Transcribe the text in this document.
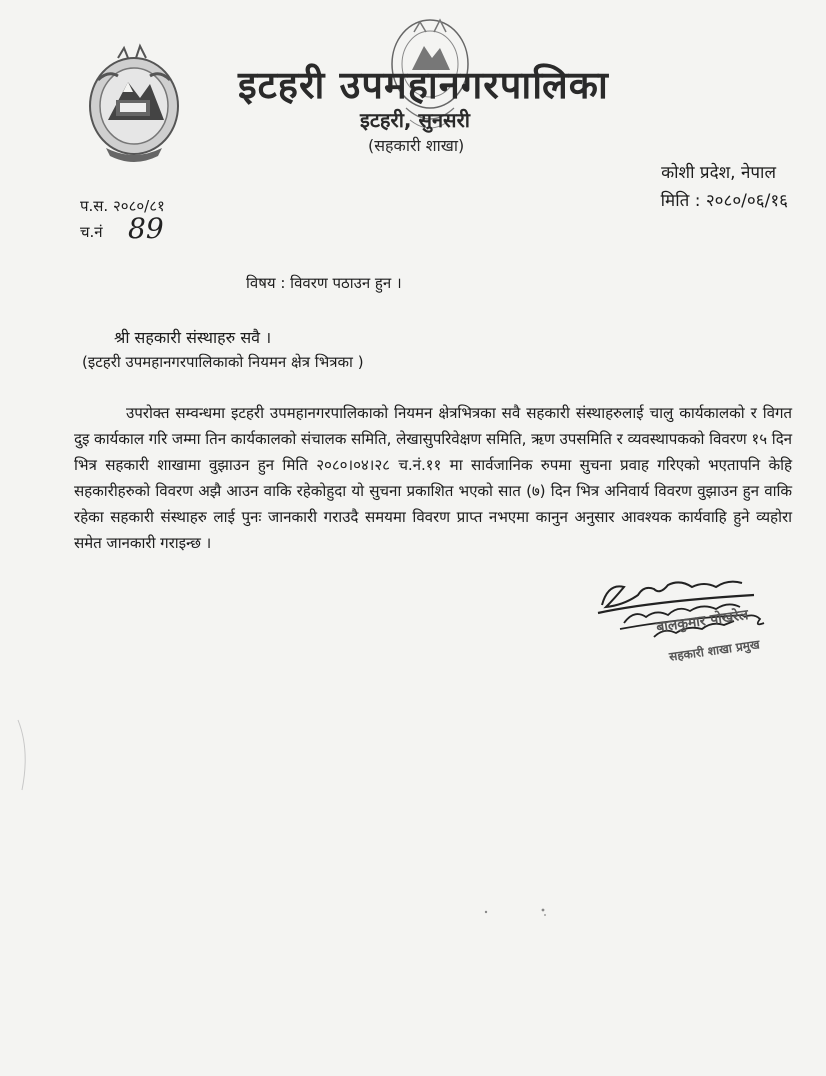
इटहरी उपमहानगरपालिका
इटहरी, सुनसरी
(सहकारी शाखा)
कोशी प्रदेश, नेपाल
मिति : २०८०/०६/१६
प.स. २०८०/८१
च.नं 89
विषय : विवरण पठाउन हुन ।
श्री सहकारी संस्थाहरु सवै ।
(इटहरी उपमहानगरपालिकाको नियमन क्षेत्र भित्रका )
उपरोक्त सम्वन्धमा इटहरी उपमहानगरपालिकाको नियमन क्षेत्रभित्रका सवै सहकारी संस्थाहरुलाई चालु कार्यकालको र विगत दुइ कार्यकाल गरि जम्मा तिन कार्यकालको संचालक समिति, लेखासुपरिवेक्षण समिति, ऋण उपसमिति र व्यवस्थापकको विवरण १५ दिन भित्र सहकारी शाखामा वुझाउन हुन मिति २०८०।०४।२८ च.नं.११ मा सार्वजानिक रुपमा सुचना प्रवाह गरिएको भएतापनि केहि सहकारीहरुको विवरण अझै आउन वाकि रहेकोहुदा यो सुचना प्रकाशित भएको सात (७) दिन भित्र अनिवार्य विवरण वुझाउन हुन वाकि रहेका सहकारी संस्थाहरु लाई पुनः जानकारी गराउदै समयमा विवरण प्राप्त नभएमा कानुन अनुसार आवश्यक कार्यवाहि हुने व्यहोरा समेत जानकारी गराइन्छ ।
बालकुमार पोखरेल
सहकारी शाखा प्रमुख
